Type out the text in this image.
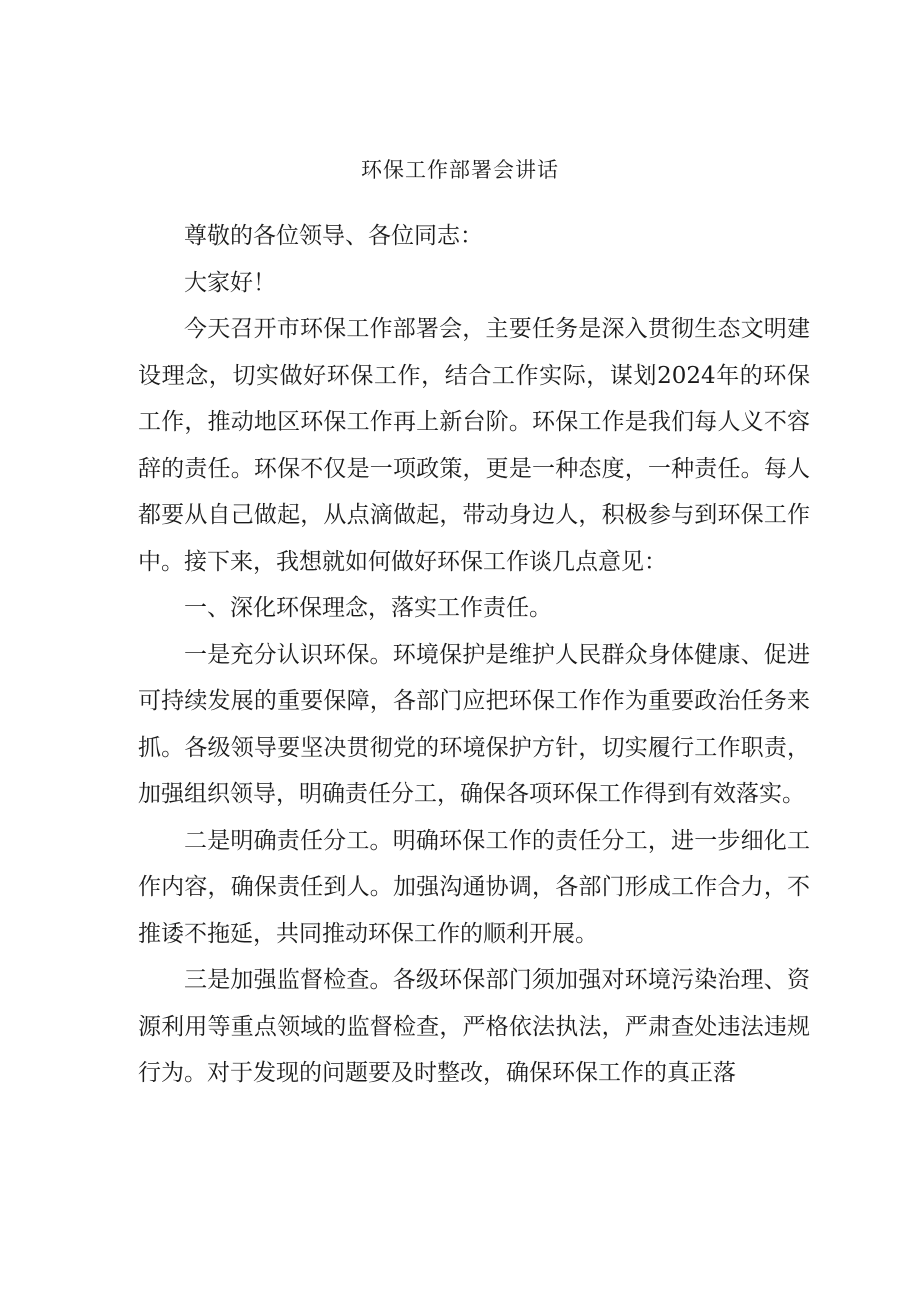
环保工作部署会讲话

尊敬的各位领导、各位同志：

大家好！

今天召开市环保工作部署会，主要任务是深入贯彻生态文明建设理念，切实做好环保工作，结合工作实际，谋划2024年的环保工作，推动地区环保工作再上新台阶。环保工作是我们每人义不容辞的责任。环保不仅是一项政策，更是一种态度，一种责任。每人都要从自己做起，从点滴做起，带动身边人，积极参与到环保工作中。接下来，我想就如何做好环保工作谈几点意见：

一、深化环保理念，落实工作责任。

一是充分认识环保。环境保护是维护人民群众身体健康、促进可持续发展的重要保障，各部门应把环保工作作为重要政治任务来抓。各级领导要坚决贯彻党的环境保护方针，切实履行工作职责，加强组织领导，明确责任分工，确保各项环保工作得到有效落实。

二是明确责任分工。明确环保工作的责任分工，进一步细化工作内容，确保责任到人。加强沟通协调，各部门形成工作合力，不推诿不拖延，共同推动环保工作的顺利开展。

三是加强监督检查。各级环保部门须加强对环境污染治理、资源利用等重点领域的监督检查，严格依法执法，严肃查处违法违规行为。对于发现的问题要及时整改，确保环保工作的真正落
